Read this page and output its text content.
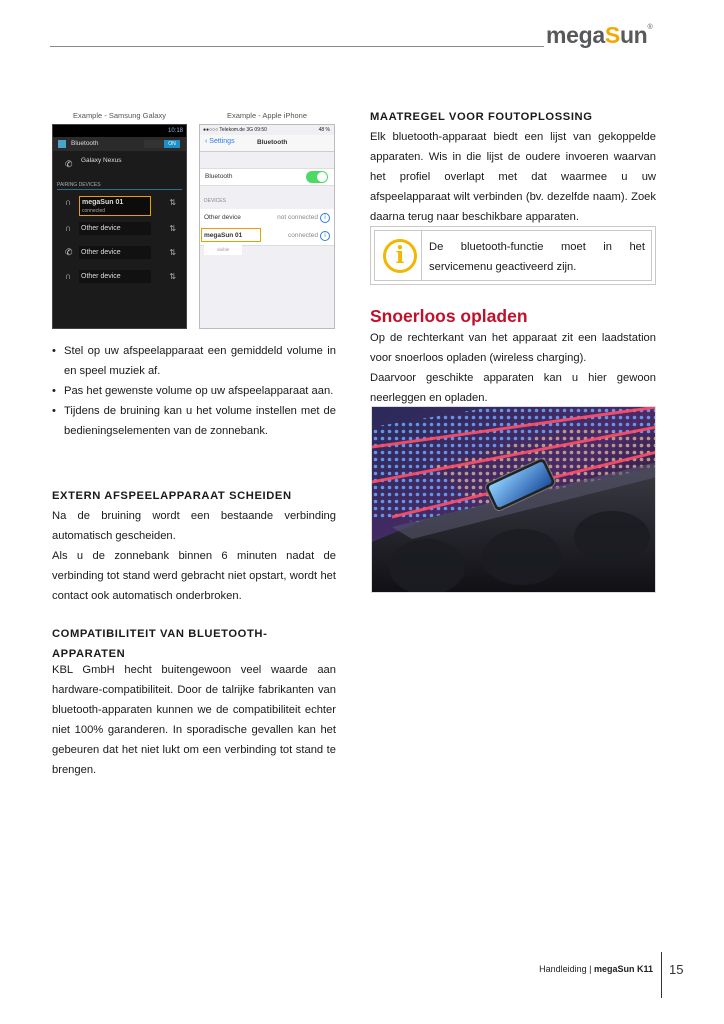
megaSun®
Example - Samsung Galaxy	Example - Apple iPhone
10:18
Bluetooth	ON
✆ Galaxy Nexus
PAIRING DEVICES
∩	megaSun 01
connected
⇅
∩	Other device	⇅
✆ Other device	⇅
∩	Other device	⇅
●●○○○ Telekom.de 3G 09:50	48 %
‹ Settings	Bluetooth
Bluetooth
DEVICES
Other device	not connected	i
megaSun 01	connected	i
visible
• Stel op uw afspeelapparaat een gemiddeld volume in en speel muziek af.
• Pas het gewenste volume op uw afspeelapparaat aan.
• Tijdens de bruining kan u het volume instellen met de bedieningselementen van de zonnebank.
EXTERN AFSPEELAPPARAAT SCHEIDEN
Na de bruining wordt een bestaande verbinding automatisch gescheiden.
Als u de zonnebank binnen 6 minuten nadat de verbinding tot stand werd gebracht niet opstart, wordt het contact ook automatisch onderbroken.
COMPATIBILITEIT VAN BLUETOOTH-APPARATEN
KBL GmbH hecht buitengewoon veel waarde aan hardware-compatibiliteit. Door de talrijke fabrikanten van bluetooth-apparaten kunnen we de compatibiliteit echter niet 100% garanderen. In sporadische gevallen kan het gebeuren dat het niet lukt om een verbinding tot stand te brengen.
MAATREGEL VOOR FOUTOPLOSSING
Elk bluetooth-apparaat biedt een lijst van gekoppelde apparaten. Wis in die lijst de oudere invoeren waarvan het profiel overlapt met dat waarmee u uw afspeelapparaat wilt verbinden (bv. dezelfde naam). Zoek daarna terug naar beschikbare apparaten.
i	De bluetooth-functie moet in het servicemenu geactiveerd zijn.
Snoerloos opladen
Op de rechterkant van het apparaat zit een laadstation voor snoerloos opladen (wireless charging).
Daarvoor geschikte apparaten kan u hier gewoon neerleggen en opladen.
Handleiding | megaSun K11 15
